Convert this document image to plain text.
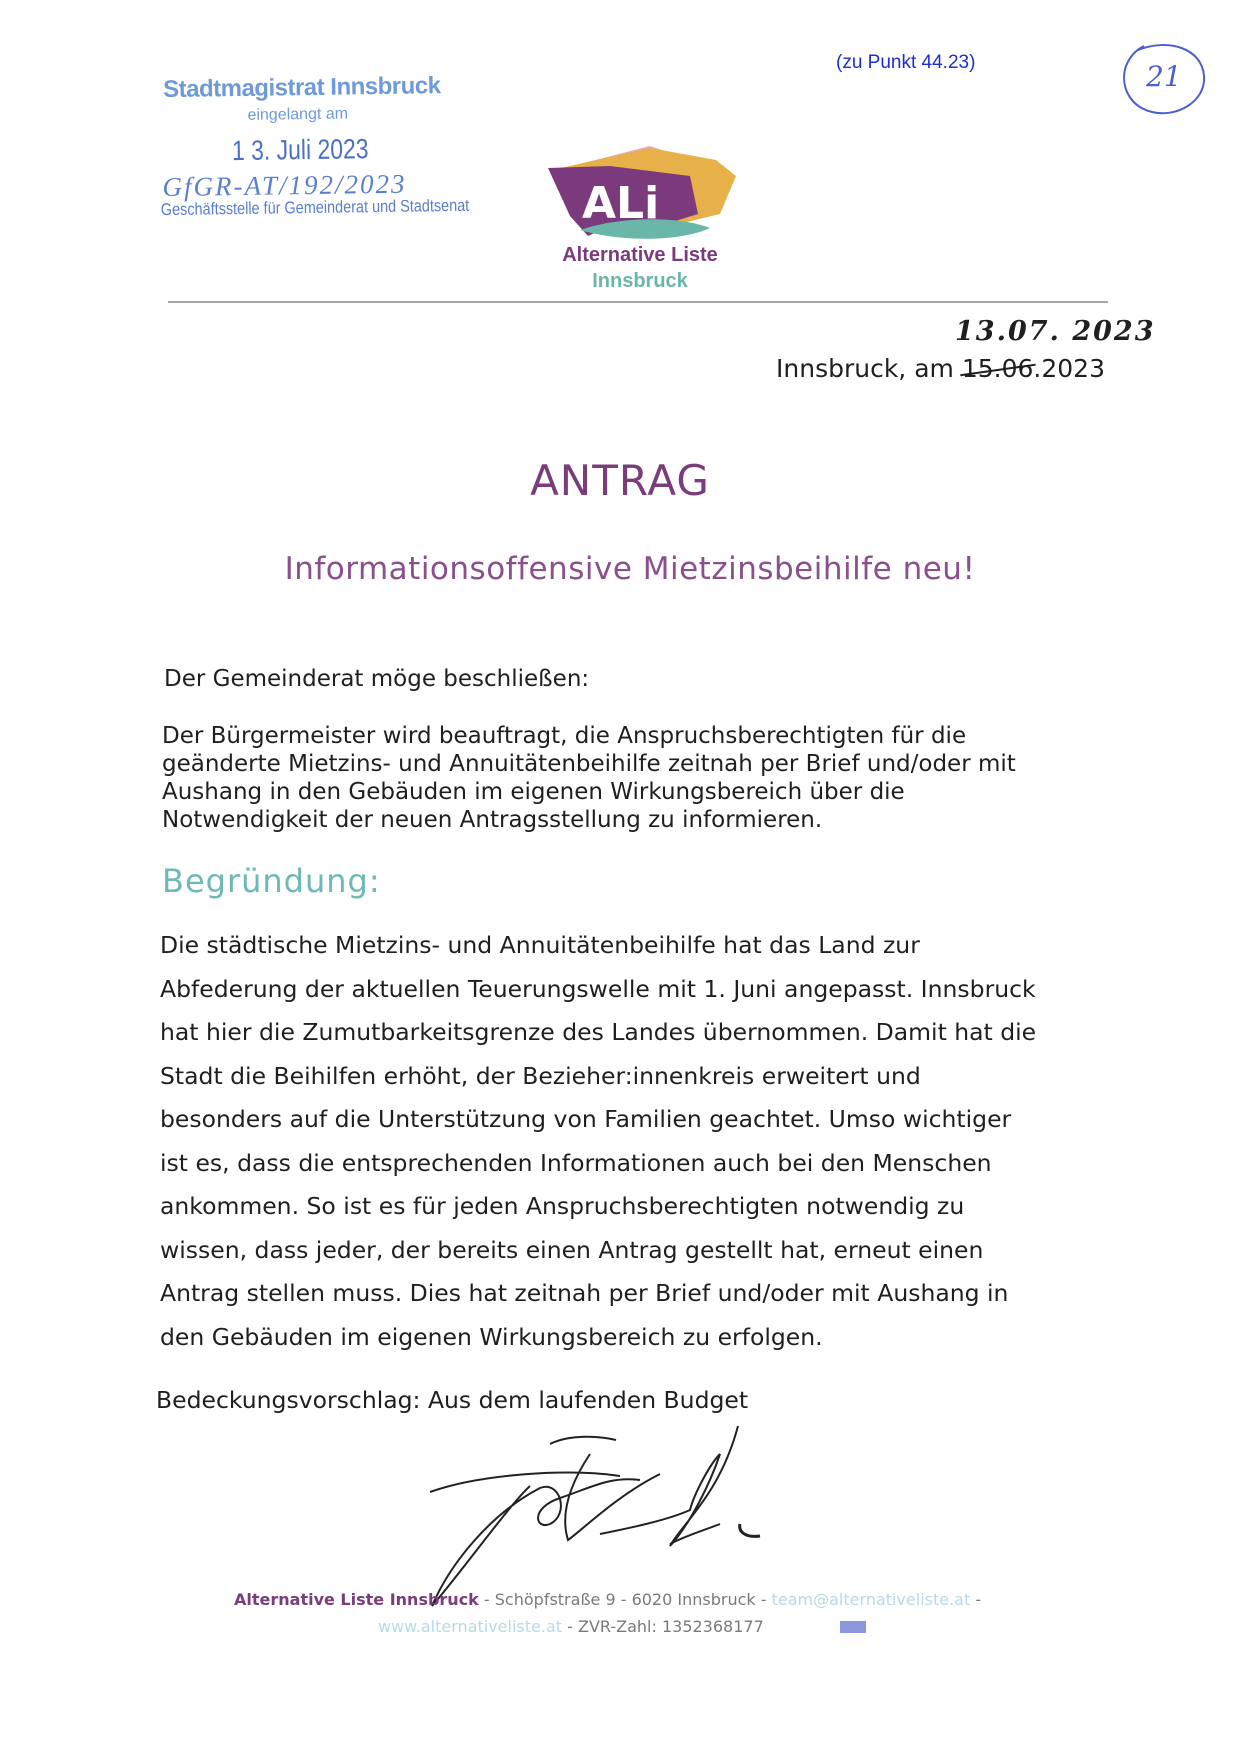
Stadtmagistrat Innsbruck
eingelangt am
1 3. Juli 2023
GfGR-AT/192/2023
Geschäftsstelle für Gemeinderat und Stadtsenat
(zu Punkt 44.23)	21
ALi
Alternative Liste
Innsbruck
13.07. 2023
Innsbruck, am 15.06.2023
ANTRAG
Informationsoffensive Mietzinsbeihilfe neu!
Der Gemeinderat möge beschließen:
Der Bürgermeister wird beauftragt, die Anspruchsberechtigten für die
geänderte Mietzins- und Annuitätenbeihilfe zeitnah per Brief und/oder mit
Aushang in den Gebäuden im eigenen Wirkungsbereich über die
Notwendigkeit der neuen Antragsstellung zu informieren.
Begründung:
Die städtische Mietzins- und Annuitätenbeihilfe hat das Land zur
Abfederung der aktuellen Teuerungswelle mit 1. Juni angepasst. Innsbruck
hat hier die Zumutbarkeitsgrenze des Landes übernommen. Damit hat die
Stadt die Beihilfen erhöht, der Bezieher:innenkreis erweitert und
besonders auf die Unterstützung von Familien geachtet. Umso wichtiger
ist es, dass die entsprechenden Informationen auch bei den Menschen
ankommen. So ist es für jeden Anspruchsberechtigten notwendig zu
wissen, dass jeder, der bereits einen Antrag gestellt hat, erneut einen
Antrag stellen muss. Dies hat zeitnah per Brief und/oder mit Aushang in
den Gebäuden im eigenen Wirkungsbereich zu erfolgen.
Bedeckungsvorschlag: Aus dem laufenden Budget
Alternative Liste Innsbruck - Schöpfstraße 9 - 6020 Innsbruck - team@alternativeliste.at -
www.alternativeliste.at - ZVR-Zahl: 1352368177
